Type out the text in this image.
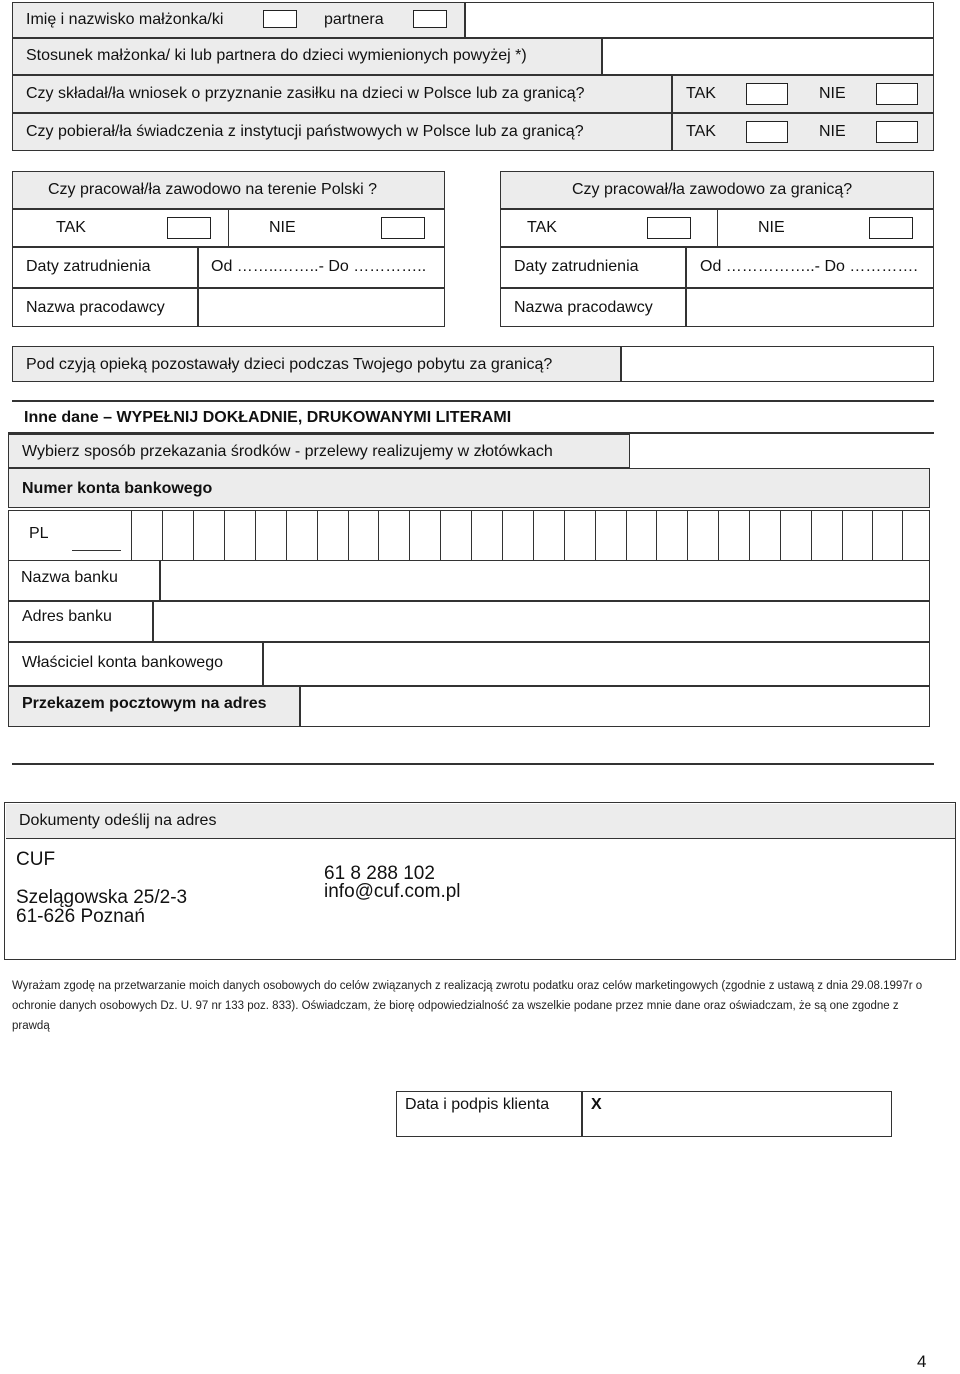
Imię i nazwisko małżonka/ki	partnera
Stosunek małżonka/ ki lub partnera do dzieci wymienionych powyżej *)
Czy składał/ła wniosek o przyznanie zasiłku na dzieci w Polsce lub za granicą?	TAK	NIE
Czy pobierał/ła świadczenia z instytucji państwowych w Polsce lub za granicą?	TAK	NIE
Czy pracował/ła zawodowo na terenie Polski ?
TAK	NIE
Daty zatrudnienia	Od ……..……..- Do …………..
Nazwa pracodawcy
Czy pracował/ła zawodowo za granicą?
TAK	NIE
Daty zatrudnienia	Od ……………..- Do ………….
Nazwa pracodawcy
Pod czyją opieką pozostawały dzieci podczas Twojego pobytu za granicą?
Inne dane – WYPEŁNIJ DOKŁADNIE, DRUKOWANYMI LITERAMI
Wybierz sposób przekazania środków - przelewy realizujemy w złotówkach
Numer konta bankowego
PL
Nazwa banku
Adres banku
Właściciel konta bankowego
Przekazem pocztowym na adres
Dokumenty odeślij na adres
CUF
Szelągowska 25/2-3
61-626 Poznań
61 8 288 102
info@cuf.com.pl
Wyrażam zgodę na przetwarzanie moich danych osobowych do celów związanych z realizacją zwrotu podatku oraz celów marketingowych (zgodnie z ustawą z dnia 29.08.1997r o ochronie danych osobowych Dz. U. 97 nr 133 poz. 833). Oświadczam, że biorę odpowiedzialność za wszelkie podane przez mnie dane oraz oświadczam, że są one zgodne z prawdą
Data i podpis klienta	X
4
